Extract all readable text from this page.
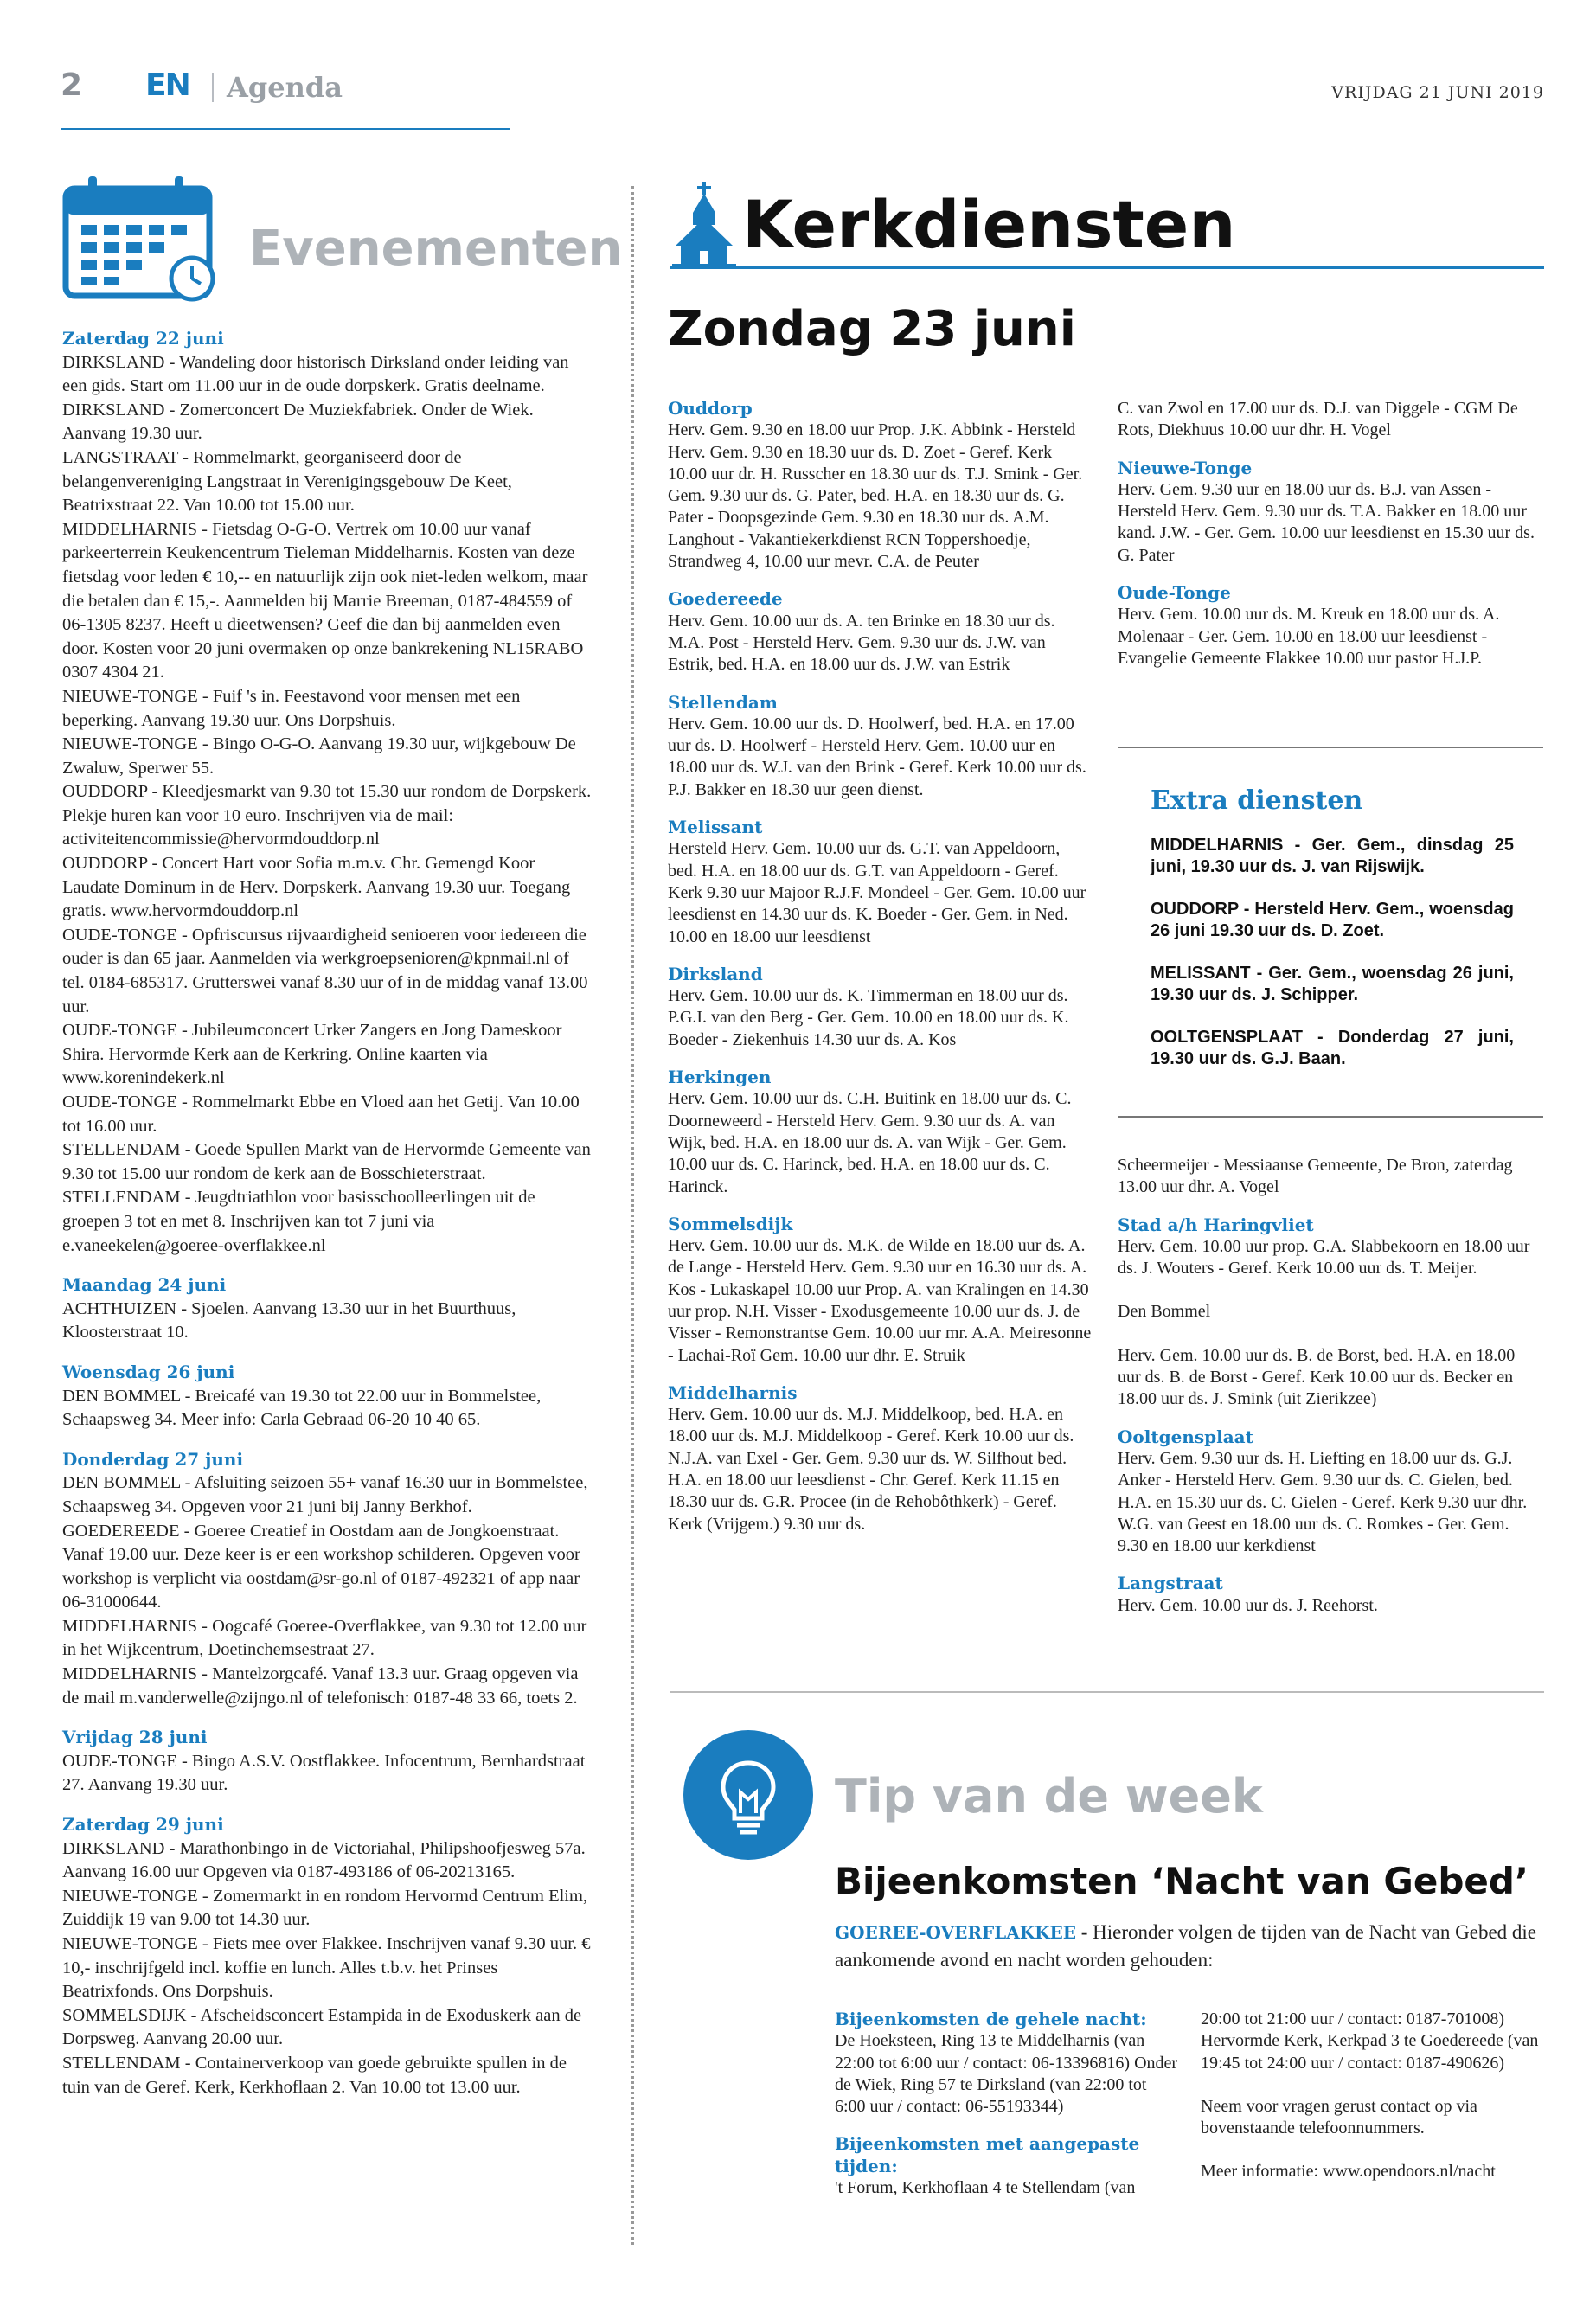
2 EN Agenda	VRIJDAG 21 JUNI 2019
Evenementen
Zaterdag 22 juni

DIRKSLAND - Wandeling door historisch Dirksland onder leiding van een gids. Start om 11.00 uur in de oude dorpskerk. Gratis deelname.

DIRKSLAND - Zomerconcert De Muziekfabriek. Onder de Wiek. Aanvang 19.30 uur.

LANGSTRAAT - Rommelmarkt, georganiseerd door de belangenvereniging Langstraat in Verenigingsgebouw De Keet, Beatrixstraat 22. Van 10.00 tot 15.00 uur.

MIDDELHARNIS - Fietsdag O-G-O. Vertrek om 10.00 uur vanaf parkeerterrein Keukencentrum Tieleman Middelharnis. Kosten van deze fietsdag voor leden € 10,-- en natuurlijk zijn ook niet-leden welkom, maar die betalen dan € 15,-. Aanmelden bij Marrie Breeman, 0187-484559 of 06-1305 8237. Heeft u dieetwensen? Geef die dan bij aanmelden even door. Kosten voor 20 juni overmaken op onze bankrekening NL15RABO 0307 4304 21.

NIEUWE-TONGE - Fuif 's in. Feestavond voor mensen met een beperking. Aanvang 19.30 uur. Ons Dorpshuis.

NIEUWE-TONGE - Bingo O-G-O. Aanvang 19.30 uur, wijkgebouw De Zwaluw, Sperwer 55.

OUDDORP - Kleedjesmarkt van 9.30 tot 15.30 uur rondom de Dorpskerk. Plekje huren kan voor 10 euro. Inschrijven via de mail: activiteitencommissie@hervormdouddorp.nl

OUDDORP - Concert Hart voor Sofia m.m.v. Chr. Gemengd Koor Laudate Dominum in de Herv. Dorpskerk. Aanvang 19.30 uur. Toegang gratis. www.hervormdouddorp.nl

OUDE-TONGE - Opfriscursus rijvaardigheid senioeren voor iedereen die ouder is dan 65 jaar. Aanmelden via werkgroepsenioren@kpnmail.nl of tel. 0184-685317. Grutterswei vanaf 8.30 uur of in de middag vanaf 13.00 uur.

OUDE-TONGE - Jubileumconcert Urker Zangers en Jong Dameskoor Shira. Hervormde Kerk aan de Kerkring. Online kaarten via www.korenindekerk.nl

OUDE-TONGE - Rommelmarkt Ebbe en Vloed aan het Getij. Van 10.00 tot 16.00 uur.

STELLENDAM - Goede Spullen Markt van de Hervormde Gemeente van 9.30 tot 15.00 uur rondom de kerk aan de Bosschieterstraat.

STELLENDAM - Jeugdtriathlon voor basisschoolleerlingen uit de groepen 3 tot en met 8. Inschrijven kan tot 7 juni via e.vaneekelen@goeree-overflakkee.nl

Maandag 24 juni

ACHTHUIZEN - Sjoelen. Aanvang 13.30 uur in het Buurthuus, Kloosterstraat 10.

Woensdag 26 juni

DEN BOMMEL - Breicafé van 19.30 tot 22.00 uur in Bommelstee, Schaapsweg 34. Meer info: Carla Gebraad 06-20 10 40 65.

Donderdag 27 juni

DEN BOMMEL - Afsluiting seizoen 55+ vanaf 16.30 uur in Bommelstee, Schaapsweg 34. Opgeven voor 21 juni bij Janny Berkhof. GOEDEREEDE - Goeree Creatief in Oostdam aan de Jongkoenstraat. Vanaf 19.00 uur. Deze keer is er een workshop schilderen. Opgeven voor workshop is verplicht via oostdam@sr-go.nl of 0187-492321 of app naar 06-31000644.

MIDDELHARNIS - Oogcafé Goeree-Overflakkee, van 9.30 tot 12.00 uur in het Wijkcentrum, Doetinchemsestraat 27.

MIDDELHARNIS - Mantelzorgcafé. Vanaf 13.3 uur. Graag opgeven via de mail m.vanderwelle@zijngo.nl of telefonisch: 0187-48 33 66, toets 2.

Vrijdag 28 juni

OUDE-TONGE - Bingo A.S.V. Oostflakkee. Infocentrum, Bernhardstraat 27. Aanvang 19.30 uur.

Zaterdag 29 juni

DIRKSLAND - Marathonbingo in de Victoriahal, Philipshoofjesweg 57a. Aanvang 16.00 uur Opgeven via 0187-493186 of 06-20213165.

NIEUWE-TONGE - Zomermarkt in en rondom Hervormd Centrum Elim, Zuiddijk 19 van 9.00 tot 14.30 uur.

NIEUWE-TONGE - Fiets mee over Flakkee. Inschrijven vanaf 9.30 uur. € 10,- inschrijfgeld incl. koffie en lunch. Alles t.b.v. het Prinses Beatrixfonds. Ons Dorpshuis.

SOMMELSDIJK - Afscheidsconcert Estampida in de Exoduskerk aan de Dorpsweg. Aanvang 20.00 uur.

STELLENDAM - Containerverkoop van goede gebruikte spullen in de tuin van de Geref. Kerk, Kerkhoflaan 2. Van 10.00 tot 13.00 uur.

Kerkdiensten
Zondag 23 juni
Ouddorp

Herv. Gem. 9.30 en 18.00 uur Prop. J.K. Abbink - Hersteld Herv. Gem. 9.30 en 18.30 uur ds. D. Zoet - Geref. Kerk 10.00 uur dr. H. Russcher en 18.30 uur ds. T.J. Smink - Ger. Gem. 9.30 uur ds. G. Pater, bed. H.A. en 18.30 uur ds. G. Pater - Doopsgezinde Gem. 9.30 en 18.30 uur ds. A.M. Langhout - Vakantiekerkdienst RCN Toppershoedje, Strandweg 4, 10.00 uur mevr. C.A. de Peuter

Goedereede

Herv. Gem. 10.00 uur ds. A. ten Brinke en 18.30 uur ds. M.A. Post - Hersteld Herv. Gem. 9.30 uur ds. J.W. van Estrik, bed. H.A. en 18.00 uur ds. J.W. van Estrik

Stellendam

Herv. Gem. 10.00 uur ds. D. Hoolwerf, bed. H.A. en 17.00 uur ds. D. Hoolwerf - Hersteld Herv. Gem. 10.00 uur en 18.00 uur ds. W.J. van den Brink - Geref. Kerk 10.00 uur ds. P.J. Bakker en 18.30 uur geen dienst.

Melissant

Hersteld Herv. Gem. 10.00 uur ds. G.T. van Appeldoorn, bed. H.A. en 18.00 uur ds. G.T. van Appeldoorn - Geref. Kerk 9.30 uur Majoor R.J.F. Mondeel - Ger. Gem. 10.00 uur leesdienst en 14.30 uur ds. K. Boeder - Ger. Gem. in Ned. 10.00 en 18.00 uur leesdienst

Dirksland

Herv. Gem. 10.00 uur ds. K. Timmerman en 18.00 uur ds. P.G.I. van den Berg - Ger. Gem. 10.00 en 18.00 uur ds. K. Boeder - Ziekenhuis 14.30 uur ds. A. Kos

Herkingen

Herv. Gem. 10.00 uur ds. C.H. Buitink en 18.00 uur ds. C. Doorneweerd - Hersteld Herv. Gem. 9.30 uur ds. A. van Wijk, bed. H.A. en 18.00 uur ds. A. van Wijk - Ger. Gem. 10.00 uur ds. C. Harinck, bed. H.A. en 18.00 uur ds. C. Harinck.

Sommelsdijk

Herv. Gem. 10.00 uur ds. M.K. de Wilde en 18.00 uur ds. A. de Lange - Hersteld Herv. Gem. 9.30 uur en 16.30 uur ds. A. Kos - Lukaskapel 10.00 uur Prop. A. van Kralingen en 14.30 uur prop. N.H. Visser - Exodusgemeente 10.00 uur ds. J. de Visser - Remonstrantse Gem. 10.00 uur mr. A.A. Meiresonne - Lachai-Roï Gem. 10.00 uur dhr. E. Struik

Middelharnis

Herv. Gem. 10.00 uur ds. M.J. Middelkoop, bed. H.A. en 18.00 uur ds. M.J. Middelkoop - Geref. Kerk 10.00 uur ds. N.J.A. van Exel - Ger. Gem. 9.30 uur ds. W. Silfhout bed. H.A. en 18.00 uur leesdienst - Chr. Geref. Kerk 11.15 en 18.30 uur ds. G.R. Procee (in de Rehobôthkerk) - Geref. Kerk (Vrijgem.) 9.30 uur ds.

C. van Zwol en 17.00 uur ds. D.J. van Diggele - CGM De Rots, Diekhuus 10.00 uur dhr. H. Vogel

Nieuwe-Tonge

Herv. Gem. 9.30 uur en 18.00 uur ds. B.J. van Assen - Hersteld Herv. Gem. 9.30 uur ds. T.A. Bakker en 18.00 uur kand. J.W. - Ger. Gem. 10.00 uur leesdienst en 15.30 uur ds. G. Pater

Oude-Tonge

Herv. Gem. 10.00 uur ds. M. Kreuk en 18.00 uur ds. A. Molenaar - Ger. Gem. 10.00 en 18.00 uur leesdienst - Evangelie Gemeente Flakkee 10.00 uur pastor H.J.P.

Extra diensten

MIDDELHARNIS - Ger. Gem., dinsdag 25 juni, 19.30 uur ds. J. van Rijswijk.

OUDDORP - Hersteld Herv. Gem., woensdag 26 juni 19.30 uur ds. D. Zoet.

MELISSANT - Ger. Gem., woensdag 26 juni, 19.30 uur ds. J. Schipper.

OOLTGENSPLAAT - Donderdag 27 juni, 19.30 uur ds. G.J. Baan.

Scheermeijer - Messiaanse Gemeente, De Bron, zaterdag 13.00 uur dhr. A. Vogel

Stad a/h Haringvliet

Herv. Gem. 10.00 uur prop. G.A. Slabbekoorn en 18.00 uur ds. J. Wouters - Geref. Kerk 10.00 uur ds. T. Meijer.

Den Bommel

Herv. Gem. 10.00 uur ds. B. de Borst, bed. H.A. en 18.00 uur ds. B. de Borst - Geref. Kerk 10.00 uur ds. Becker en 18.00 uur ds. J. Smink (uit Zierikzee)

Ooltgensplaat

Herv. Gem. 9.30 uur ds. H. Liefting en 18.00 uur ds. G.J. Anker - Hersteld Herv. Gem. 9.30 uur ds. C. Gielen, bed. H.A. en 15.30 uur ds. C. Gielen - Geref. Kerk 9.30 uur dhr. W.G. van Geest en 18.00 uur ds. C. Romkes - Ger. Gem. 9.30 en 18.00 uur kerkdienst

Langstraat

Herv. Gem. 10.00 uur ds. J. Reehorst.

Tip van de week
Bijeenkomsten ‘Nacht van Gebed’
GOEREE-OVERFLAKKEE - Hieronder volgen de tijden van de Nacht van Gebed die aankomende avond en nacht worden gehouden:

Bijeenkomsten de gehele nacht:

De Hoeksteen, Ring 13 te Middelharnis (van 22:00 tot 6:00 uur / contact: 06-13396816) Onder de Wiek, Ring 57 te Dirksland (van 22:00 tot 6:00 uur / contact: 06-55193344)

Bijeenkomsten met aangepaste tijden:

't Forum, Kerkhoflaan 4 te Stellendam (van

20:00 tot 21:00 uur / contact: 0187-701008) Hervormde Kerk, Kerkpad 3 te Goedereede (van 19:45 tot 24:00 uur / contact: 0187-490626)

Neem voor vragen gerust contact op via bovenstaande telefoonnummers.

Meer informatie: www.opendoors.nl/nacht
